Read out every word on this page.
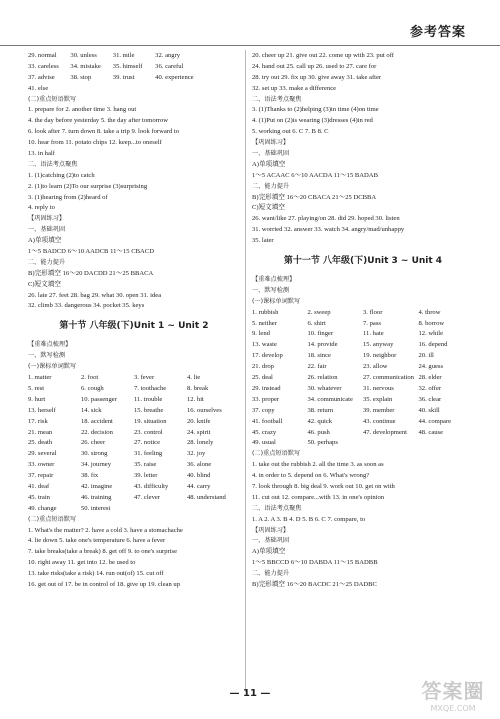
参考答案
29. normal	30. unless	31. mile	32. angry
33. careless	34. mistake	35. himself	36. careful
37. advise	38. stop	39. trust	40. experience
41. else
(二)重点短语默写
1. prepare for 2. another time 3. hang out
4. the day before yesterday 5. the day after tomorrow
6. look after 7. turn down 8. take a trip 9. look forward to
10. hear from 11. potato chips 12. keep...to oneself
13. in half
二、语法考点聚焦
1. (1)catching (2)to catch
2. (1)to learn (2)To our surprise (3)surprising
3. (1)hearing from (2)heard of
4. reply to
【巩固练习】
一、基础巩固
A)单项填空
1～5 BADCD 6～10 AADCB 11～15 CBACD
二、能力提升
B)完形填空 16～20 DACDD 21～25 BBACA
C)短文填空
26. late 27. feet 28. bag 29. what 30. open 31. idea
32. climb 33. dangerous 34. pocket 35. keys
第十节 八年级(下)Unit 1 ~ Unit 2
【重难点梳理】
一、默写检测
(一)课标单词默写
1. matter	2. foot	3. fever	4. lie
5. rest	6. cough	7. toothache	8. break
9. hurt	10. passenger	11. trouble	12. hit
13. herself	14. sick	15. breathe	16. ourselves
17. risk	18. accident	19. situation	20. knife
21. mean	22. decision	23. control	24. spirit
25. death	26. cheer	27. notice	28. lonely
29. several	30. strong	31. feeling	32. joy
33. owner	34. journey	35. raise	36. alone
37. repair	38. fix	39. letter	40. blind
41. deaf	42. imagine	43. difficulty	44. carry
45. train	46. training	47. clever	48. understand
49. change	50. interest
(二)重点短语默写
1. What's the matter? 2. have a cold 3. have a stomachache
4. lie down 5. take one's temperature 6. have a fever
7. take breaks(take a break) 8. get off 9. to one's surprise
10. right away 11. get into 12. be used to
13. take risks(take a risk) 14. run out(of) 15. cut off
16. get out of 17. be in control of 18. give up 19. clean up
20. cheer up 21. give out 22. come up with 23. put off
24. hand out 25. call up 26. used to 27. care for
28. try out 29. fix up 30. give away 31. take after
32. set up 33. make a difference
二、语法考点聚焦
3. (1)Thanks to (2)helping (3)in time (4)on time
4. (1)Put on (2)is wearing (3)dresses (4)in red
5. working out 6. C 7. B 8. C
【巩固练习】
一、基础巩固
A)单项填空
1～5 ACAAC 6～10 AACDA 11～15 BADAB
二、能力提升
B)完形填空 16～20 CBACA 21～25 DCBBA
C)短文填空
26. want/like 27. playing/on 28. did 29. hoped 30. listen
31. worried 32. answer 33. watch 34. angry/mad/unhappy
35. later
第十一节 八年级(下)Unit 3 ~ Unit 4
【重难点梳理】
一、默写检测
(一)课标单词默写
1. rubbish	2. sweep	3. floor	4. throw
5. neither	6. shirt	7. pass	8. borrow
9. lend	10. finger	11. hate	12. while
13. waste	14. provide	15. anyway	16. depend
17. develop	18. since	19. neighbor	20. ill
21. drop	22. fair	23. allow	24. guess
25. deal	26. relation	27. communication 28. elder
29. instead	30. whatever	31. nervous	32. offer
33. proper	34. communicate	35. explain	36. clear
37. copy	38. return	39. member	40. skill
41. football	42. quick	43. continue	44. compare
45. crazy	46. push	47. development	48. cause
49. usual	50. perhaps
(二)重点短语默写
1. take out the rubbish 2. all the time 3. as soon as
4. in order to 5. depend on 6. What's wrong?
7. look through 8. big deal 9. work out 10. get on with
11. cut out 12. compare...with 13. in one's opinion
二、语法考点聚焦
1. A 2. A 3. B 4. D 5. B 6. C 7. compare, to
【巩固练习】
一、基础巩固
A)单项填空
1～5 BBCCD 6～10 DABDA 11～15 BADBB
二、能力提升
B)完形填空 16～20 BACDC 21～25 DADBC
— 11 —	答案圈
MXQE.COM
